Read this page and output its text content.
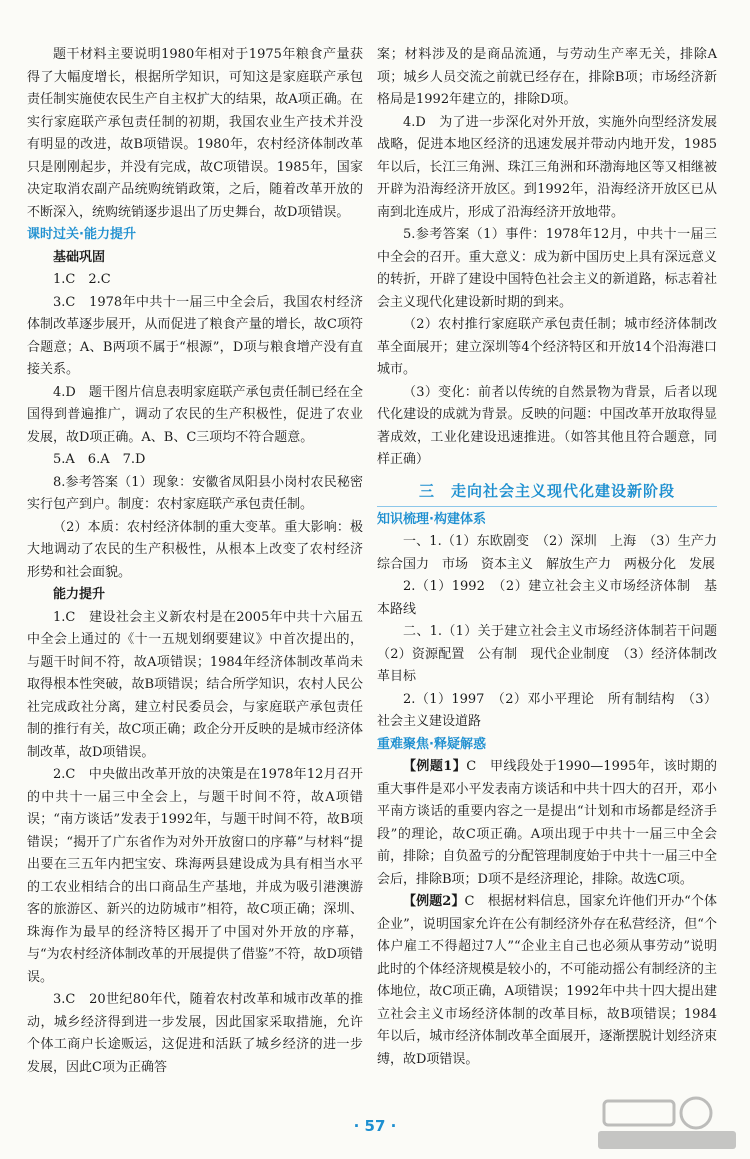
题干材料主要说明1980年相对于1975年粮食产量获得了大幅度增长，根据所学知识，可知这是家庭联产承包责任制实施使农民生产自主权扩大的结果，故A项正确。在实行家庭联产承包责任制的初期，我国农业生产技术并没有明显的改进，故B项错误。1980年，农村经济体制改革只是刚刚起步，并没有完成，故C项错误。1985年，国家决定取消农副产品统购统销政策，之后，随着改革开放的不断深入，统购统销逐步退出了历史舞台，故D项错误。

课时过关·能力提升

基础巩固

1.C　2.C

3.C　1978年中共十一届三中全会后，我国农村经济体制改革逐步展开，从而促进了粮食产量的增长，故C项符合题意；A、B两项不属于“根源”，D项与粮食增产没有直接关系。

4.D　题干图片信息表明家庭联产承包责任制已经在全国得到普遍推广，调动了农民的生产积极性，促进了农业发展，故D项正确。A、B、C三项均不符合题意。

5.A　6.A　7.D

8.参考答案（1）现象：安徽省凤阳县小岗村农民秘密实行包产到户。制度：农村家庭联产承包责任制。

（2）本质：农村经济体制的重大变革。重大影响：极大地调动了农民的生产积极性，从根本上改变了农村经济形势和社会面貌。

能力提升

1.C　建设社会主义新农村是在2005年中共十六届五中全会上通过的《十一五规划纲要建议》中首次提出的，与题干时间不符，故A项错误；1984年经济体制改革尚未取得根本性突破，故B项错误；结合所学知识，农村人民公社完成政社分离，建立村民委员会，与家庭联产承包责任制的推行有关，故C项正确；政企分开反映的是城市经济体制改革，故D项错误。

2.C　中央做出改革开放的决策是在1978年12月召开的中共十一届三中全会上，与题干时间不符，故A项错误；“南方谈话”发表于1992年，与题干时间不符，故B项错误；“揭开了广东省作为对外开放窗口的序幕”与材料“提出要在三五年内把宝安、珠海两县建设成为具有相当水平的工农业相结合的出口商品生产基地，并成为吸引港澳游客的旅游区、新兴的边防城市”相符，故C项正确；深圳、珠海作为最早的经济特区揭开了中国对外开放的序幕，与“为农村经济体制改革的开展提供了借鉴”不符，故D项错误。

3.C　20世纪80年代，随着农村改革和城市改革的推动，城乡经济得到进一步发展，因此国家采取措施，允许个体工商户长途贩运，这促进和活跃了城乡经济的进一步发展，因此C项为正确答

案；材料涉及的是商品流通，与劳动生产率无关，排除A项；城乡人员交流之前就已经存在，排除B项；市场经济新格局是1992年建立的，排除D项。

4.D　为了进一步深化对外开放，实施外向型经济发展战略，促进本地区经济的迅速发展并带动内地开发，1985年以后，长江三角洲、珠江三角洲和环渤海地区等又相继被开辟为沿海经济开放区。到1992年，沿海经济开放区已从南到北连成片，形成了沿海经济开放地带。

5.参考答案（1）事件：1978年12月，中共十一届三中全会的召开。重大意义：成为新中国历史上具有深远意义的转折，开辟了建设中国特色社会主义的新道路，标志着社会主义现代化建设新时期的到来。

（2）农村推行家庭联产承包责任制；城市经济体制改革全面展开；建立深圳等4个经济特区和开放14个沿海港口城市。

（3）变化：前者以传统的自然景物为背景，后者以现代化建设的成就为背景。反映的问题：中国改革开放取得显著成效，工业化建设迅速推进。（如答其他且符合题意，同样正确）

三　走向社会主义现代化建设新阶段

知识梳理·构建体系

一、1.（1）东欧剧变　（2）深圳　上海　（3）生产力　综合国力　市场　资本主义　解放生产力　两极分化　发展

2.（1）1992　（2）建立社会主义市场经济体制　基本路线

二、1.（1）关于建立社会主义市场经济体制若干问题　（2）资源配置　公有制　现代企业制度　（3）经济体制改革目标

2.（1）1997　（2）邓小平理论　所有制结构　（3）社会主义建设道路

重难聚焦·释疑解惑

【例题1】C　甲线段处于1990—1995年，该时期的重大事件是邓小平发表南方谈话和中共十四大的召开，邓小平南方谈话的重要内容之一是提出“计划和市场都是经济手段”的理论，故C项正确。A项出现于中共十一届三中全会前，排除；自负盈亏的分配管理制度始于中共十一届三中全会后，排除B项；D项不是经济理论，排除。故选C项。

【例题2】C　根据材料信息，国家允许他们开办“个体企业”，说明国家允许在公有制经济外存在私营经济，但“个体户雇工不得超过7人”“企业主自己也必须从事劳动”说明此时的个体经济规模是较小的，不可能动摇公有制经济的主体地位，故C项正确，A项错误；1992年中共十四大提出建立社会主义市场经济体制的改革目标，故B项错误；1984年以后，城市经济体制改革全面展开，逐渐摆脱计划经济束缚，故D项错误。

· 57 ·
